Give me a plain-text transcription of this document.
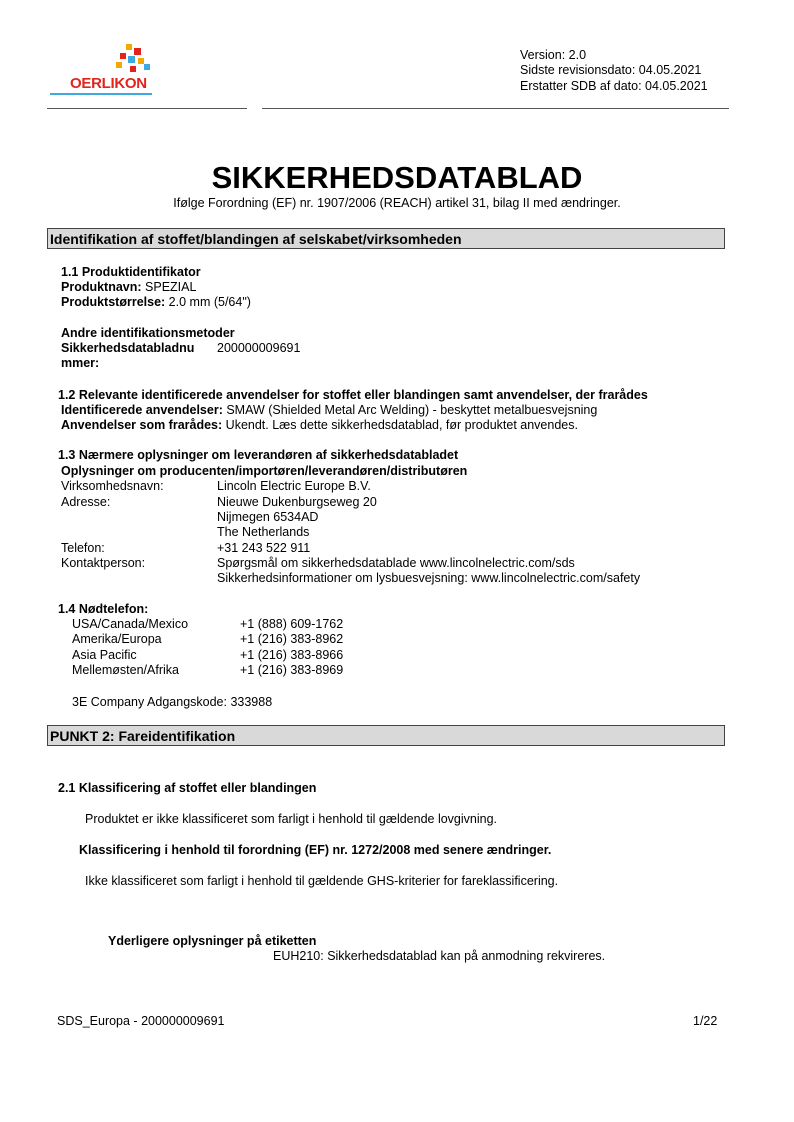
OERLIKON
Version: 2.0
Sidste revisionsdato: 04.05.2021
Erstatter SDB af dato: 04.05.2021
SIKKERHEDSDATABLAD
Ifølge Forordning (EF) nr. 1907/2006 (REACH) artikel 31, bilag II med ændringer.
Identifikation af stoffet/blandingen af selskabet/virksomheden
1.1 Produktidentifikator
Produktnavn: SPEZIAL
Produktstørrelse: 2.0 mm (5/64")
Andre identifikationsmetoder
Sikkerhedsdatabladnu
mmer:
200000009691
1.2 Relevante identificerede anvendelser for stoffet eller blandingen samt anvendelser, der frarådes
Identificerede anvendelser: SMAW (Shielded Metal Arc Welding) - beskyttet metalbuesvejsning
Anvendelser som frarådes: Ukendt. Læs dette sikkerhedsdatablad, før produktet anvendes.
1.3 Nærmere oplysninger om leverandøren af sikkerhedsdatabladet
Oplysninger om producenten/importøren/leverandøren/distributøren
Virksomhedsnavn:	Lincoln Electric Europe B.V.
Adresse:	Nieuwe Dukenburgseweg 20
Nijmegen 6534AD
The Netherlands
Telefon:	+31 243 522 911
Kontaktperson:	Spørgsmål om sikkerhedsdatablade www.lincolnelectric.com/sds
Sikkerhedsinformationer om lysbuesvejsning: www.lincolnelectric.com/safety
1.4 Nødtelefon:
USA/Canada/Mexico	+1 (888) 609-1762
Amerika/Europa	+1 (216) 383-8962
Asia Pacific	+1 (216) 383-8966
Mellemøsten/Afrika	+1 (216) 383-8969
3E Company Adgangskode: 333988
PUNKT 2: Fareidentifikation
2.1 Klassificering af stoffet eller blandingen
Produktet er ikke klassificeret som farligt i henhold til gældende lovgivning.
Klassificering i henhold til forordning (EF) nr. 1272/2008 med senere ændringer.
Ikke klassificeret som farligt i henhold til gældende GHS-kriterier for fareklassificering.
Yderligere oplysninger på etiketten
EUH210: Sikkerhedsdatablad kan på anmodning rekvireres.
SDS_Europa - 200000009691	1/22
